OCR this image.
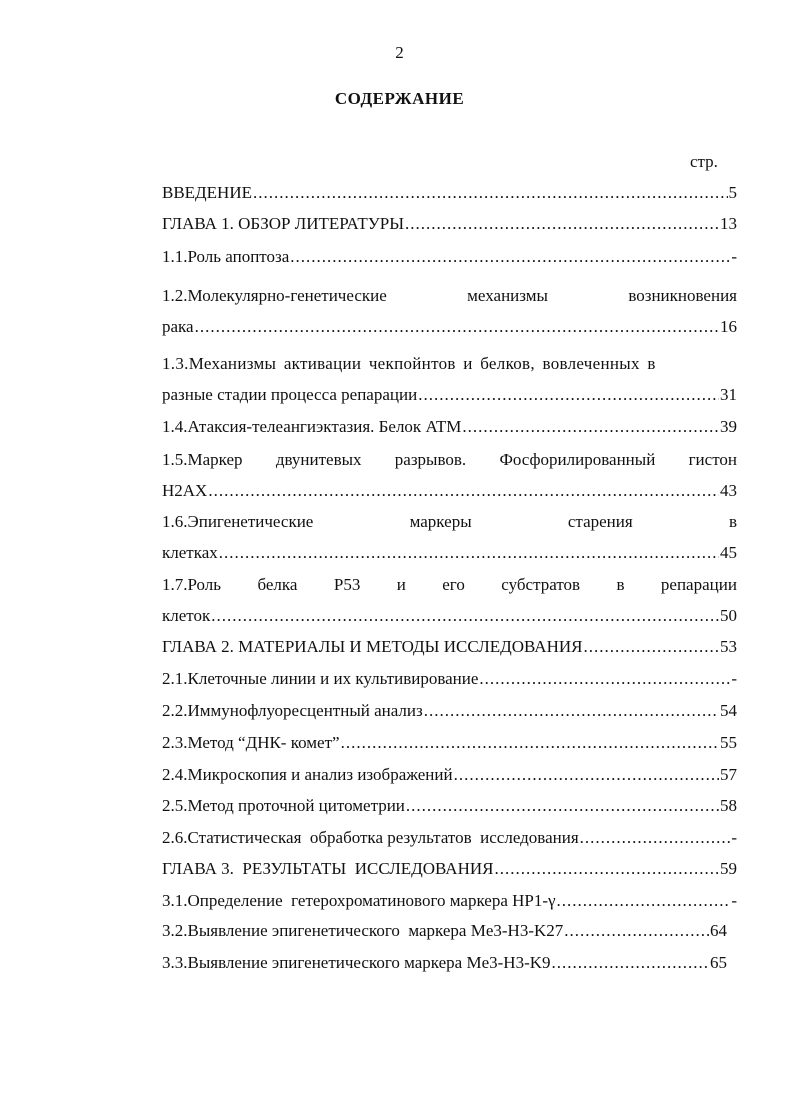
2
СОДЕРЖАНИЕ
стр.
ВВЕДЕНИЕ .....	5
ГЛАВА 1. ОБЗОР ЛИТЕРАТУРЫ .....	13
1.1.Роль апоптоза .....	-
1.2.Молекулярно-генетические	механизмы	возникновения
рака .....	16
1.3.Механизмы активации чекпойнтов и белков, вовлеченных в
разные стадии процесса репарации .....	31
1.4.Атаксия-телеангиэктазия. Белок ATM .....	39
1.5.Маркер двунитевых разрывов. Фосфорилированный гистон
H2AX .....	43
1.6.Эпигенетические	маркеры	старения	в
клетках .....	45
1.7.Роль белка P53 и его субстратов в репарации
клеток .....	50
ГЛАВА 2. МАТЕРИАЛЫ И МЕТОДЫ ИССЛЕДОВАНИЯ .....	53
2.1.Клеточные линии и их культивирование .....	-
2.2.Иммунофлуоресцентный анализ .....	54
2.3.Метод “ДНК- комет” .....	55
2.4.Микроскопия и анализ изображений .....	57
2.5.Метод проточной цитометрии .....	58
2.6.Статистическая  обработка результатов  исследования .....	-
ГЛАВА 3.  РЕЗУЛЬТАТЫ  ИССЛЕДОВАНИЯ .....	59
3.1.Определение  гетерохроматинового маркера HP1-γ .....	-
3.2.Выявление эпигенетического  маркера Me3-H3-K27 .....	64
3.3.Выявление эпигенетического маркера Me3-H3-K9 .....	65
